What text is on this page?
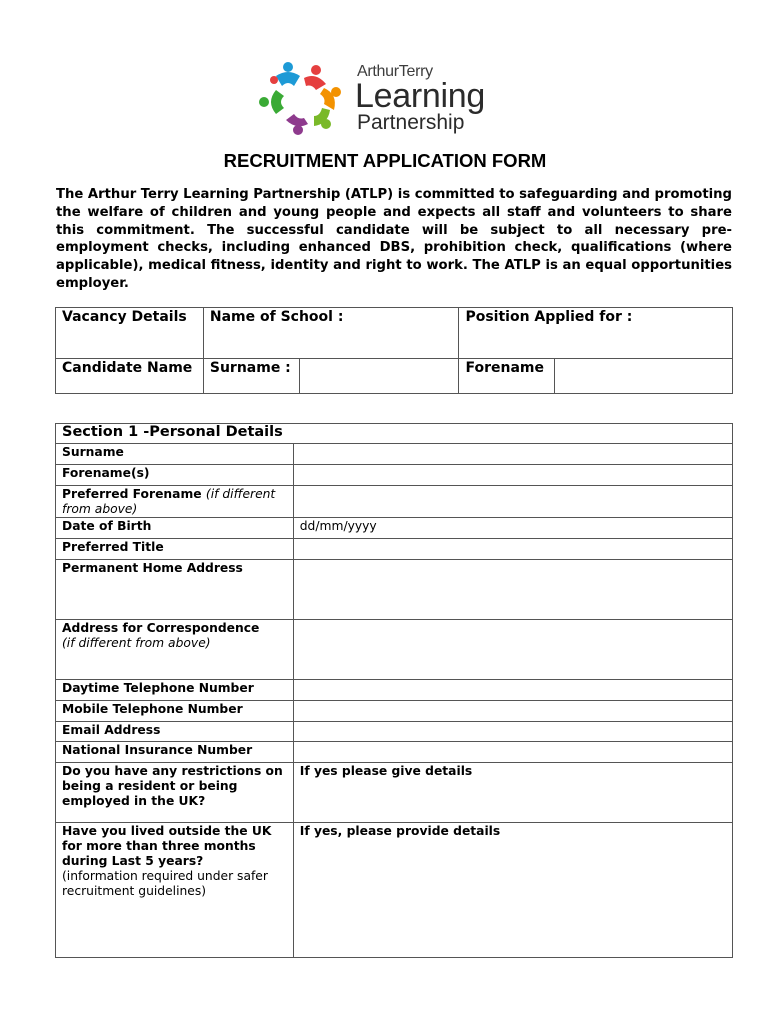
ArthurTerry
Learning
Partnership
RECRUITMENT APPLICATION FORM
The Arthur Terry Learning Partnership (ATLP) is committed to safeguarding and promoting the welfare of children and young people and expects all staff and volunteers to share this commitment. The successful candidate will be subject to all necessary pre-employment checks, including enhanced DBS, prohibition check, qualifications (where applicable), medical fitness, identity and right to work. The ATLP is an equal opportunities employer.
Vacancy Details	Name of School :		Position Applied for :	
Candidate Name	Surname :		Forename	
Section 1 -Personal Details	
Surname	
Forename(s)	
Preferred Forename (if different from above)	
Date of Birth	dd/mm/yyyy
Preferred Title	
Permanent Home Address	
Address for Correspondence
(if different from above)	
Daytime Telephone Number	
Mobile Telephone Number	
Email Address	
National Insurance Number	
Do you have any restrictions on being a resident or being employed in the UK?	If yes please give details
Have you lived outside the UK for more than three months during Last 5 years?
(information required under safer recruitment guidelines)	If yes, please provide details
